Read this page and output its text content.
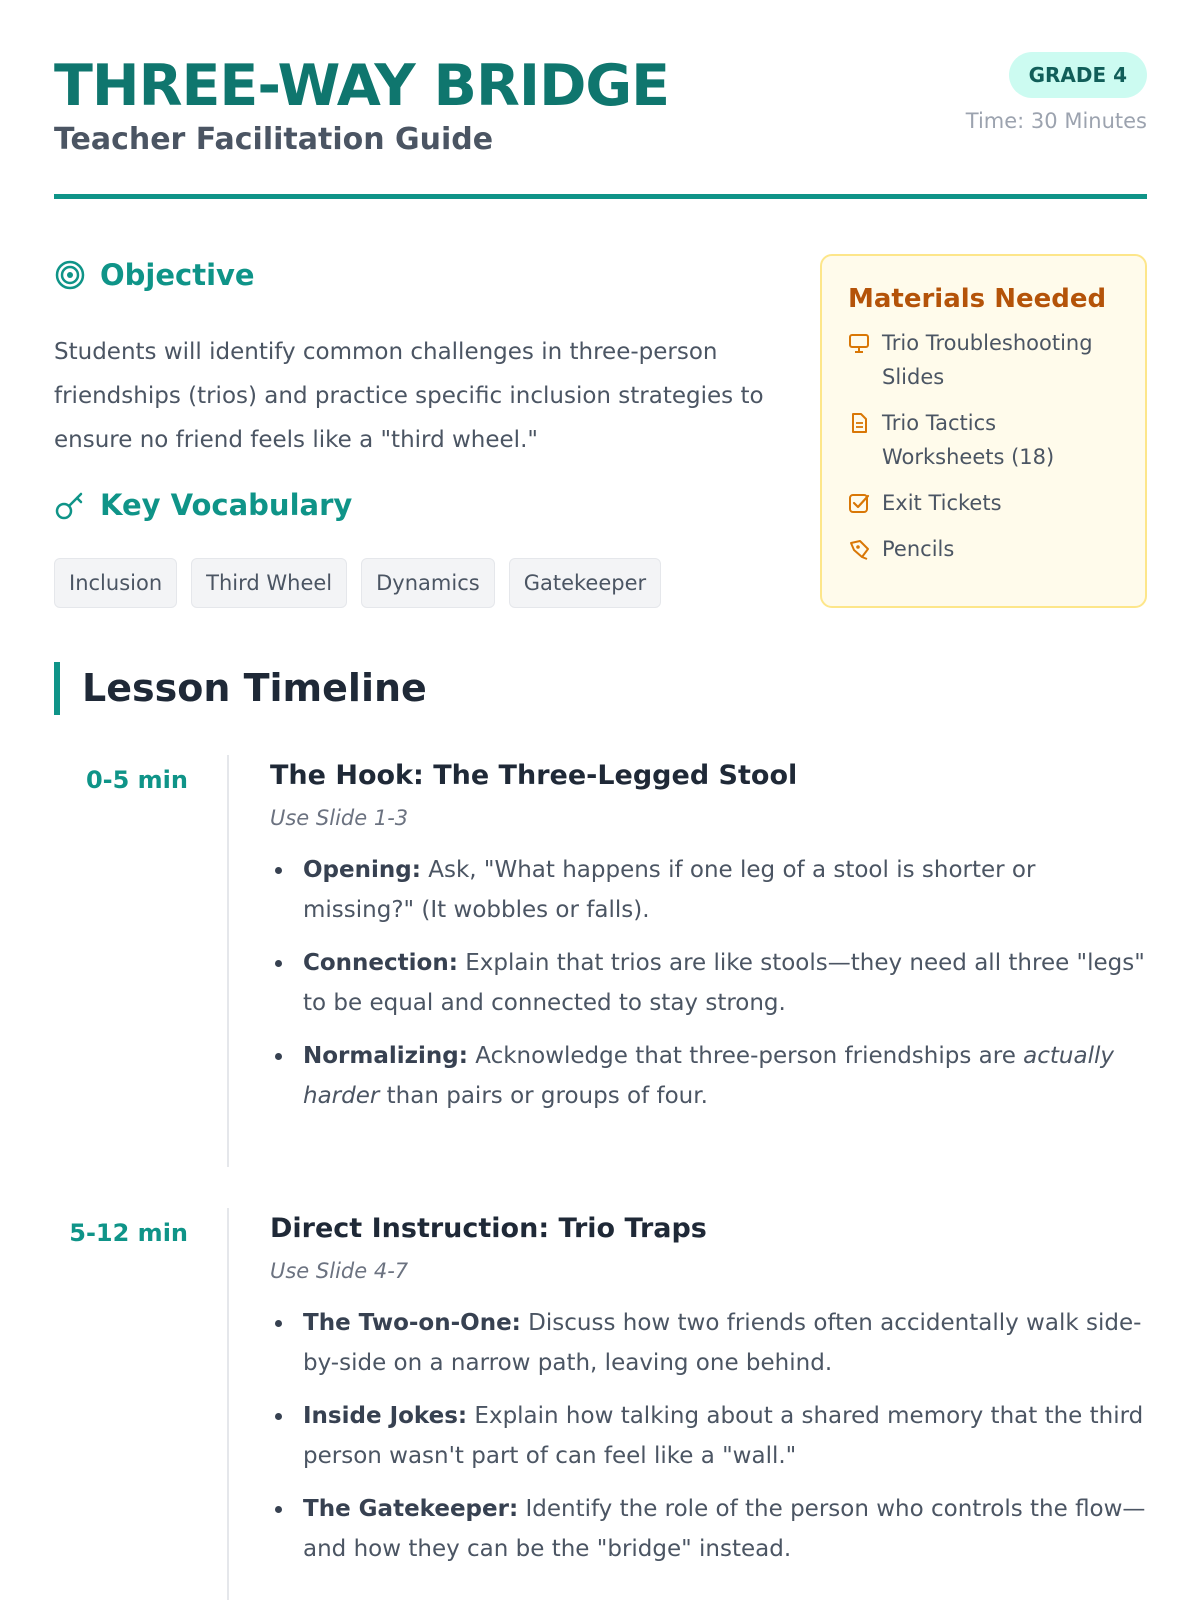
THREE-WAY BRIDGE
Teacher Facilitation Guide
GRADE 4
Time: 30 Minutes
Objective
Students will identify common challenges in three-person friendships (trios) and practice specific inclusion strategies to ensure no friend feels like a "third wheel."
Key Vocabulary
Inclusion	Third Wheel	Dynamics	Gatekeeper
Materials Needed
Trio Troubleshooting Slides
Trio Tactics Worksheets (18)
Exit Tickets
Pencils
Lesson Timeline
0-5 min	The Hook: The Three-Legged Stool
Use Slide 1-3
Opening: Ask, "What happens if one leg of a stool is shorter or missing?" (It wobbles or falls).
Connection: Explain that trios are like stools—they need all three "legs" to be equal and connected to stay strong.
Normalizing: Acknowledge that three-person friendships are actually harder than pairs or groups of four.
5-12 min	Direct Instruction: Trio Traps
Use Slide 4-7
The Two-on-One: Discuss how two friends often accidentally walk side-by-side on a narrow path, leaving one behind.
Inside Jokes: Explain how talking about a shared memory that the third person wasn't part of can feel like a "wall."
The Gatekeeper: Identify the role of the person who controls the flow—and how they can be the "bridge" instead.
